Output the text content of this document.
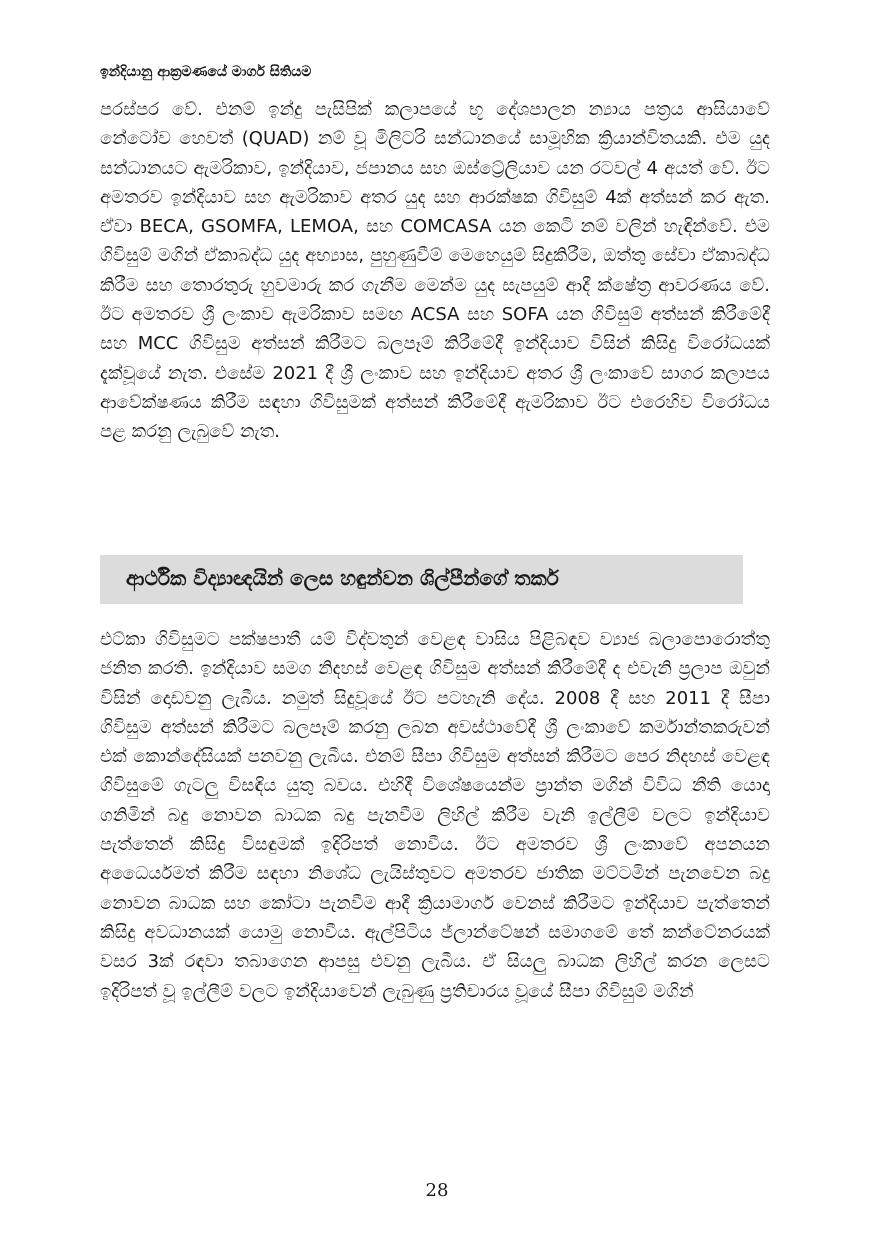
ඉන්දියානු ආක්‍රමණයේ මාර්ග සිතියම

පරස්පර වේ. එනම් ඉන්දු පැසිපික් කලාපයේ භූ දේශපාලන න්‍යාය පත්‍රය ආසියාවේ නේටෝව හෙවත් (QUAD) නම් වූ මිලිටරි සන්ධානයේ සාමූහික ක්‍රියාන්විතයකි. එම යුද සන්ධානයට ඇමරිකාව, ඉන්දියාව, ජපානය සහ ඔස්ට්‍රේලියාව යන රටවල් 4 අයත් වේ. ඊට අමතරව ඉන්දියාව සහ ඇමරිකාව අතර යුද සහ ආරක්ෂක ගිවිසුම් 4ක් අත්සන් කර ඇත. ඒවා BECA, GSOMFA, LEMOA, සහ COMCASA යන කෙටි නම් වලින් හැඳින්වේ. එම ගිවිසුම් මගින් ඒකාබද්ධ යුද අභ්‍යාස, පුහුණුවීම් මෙහෙයුම් සිදුකිරීම, ඔත්තු සේවා ඒකාබද්ධ කිරීම සහ තොරතුරු හුවමාරු කර ගැනීම මෙන්ම යුද සැපයුම් ආදී ක්ෂේත්‍ර ආවරණය වේ. ඊට අමතරව ශ්‍රී ලංකාව ඇමරිකාව සමඟ ACSA සහ SOFA යන ගිවිසුම් අත්සන් කිරීමේදී සහ MCC ගිවිසුම අත්සන් කිරීමට බලපෑම් කිරීමේදී ඉන්දියාව විසින් කිසිදු විරෝධයක් දැක්වූයේ නැත. එසේම 2021 දී ශ්‍රී ලංකාව සහ ඉන්දියාව අතර ශ්‍රී ලංකාවේ සාගර කලාපය ආවේක්ෂණය කිරීම සඳහා ගිවිසුමක් අත්සන් කිරීමේදී ඇමරිකාව ඊට එරෙහිව විරෝධය පළ කරනු ලැබුවේ නැත.

ආර්ථික විද්‍යාඥයින් ලෙස හඳුන්වන ශිල්පීන්ගේ තර්ක

එට්කා ගිවිසුමට පක්ෂපාතී යම් විද්වතුන් වෙළඳ වාසිය පිළිබඳව ව්‍යාජ බලාපොරොත්තු ජනිත කරති. ඉන්දියාව සමග නිදහස් වෙළඳ ගිවිසුම අත්සන් කිරීමේදී ද එවැනි ප්‍රලාප ඔවුන් විසින් දොඩවනු ලැබීය. නමුත් සිදුවූයේ ඊට පටහැනි දේය. 2008 දී සහ 2011 දී සීපා ගිවිසුම අත්සන් කිරීමට බලපෑම් කරනු ලබන අවස්ථාවේදී ශ්‍රී ලංකාවේ කර්මාන්තකරුවන් එක් කොන්දේසියක් පනවනු ලැබීය. එනම් සීපා ගිවිසුම අත්සන් කිරීමට පෙර නිදහස් වෙළඳ ගිවිසුමේ ගැටලු විසඳිය යුතු බවය. එහිදී විශේෂයෙන්ම ප්‍රාන්ත මගින් විවිධ නීති යොදා ගනිමින් බදු නොවන බාධක බදු පැනවීම ලිහිල් කිරීම වැනි ඉල්ලීම් වලට ඉන්දියාව පැත්තෙන් කිසිදු විසඳුමක් ඉදිරිපත් නොවීය. ඊට අමතරව ශ්‍රී ලංකාවේ අපනයන අධෛර්යමත් කිරීම සඳහා නිශේධ ලැයිස්තුවට අමතරව ජාතික මට්ටමින් පැනවෙන බදු නොවන බාධක සහ කෝටා පැනවීම ආදී ක්‍රියාමාර්ග වෙනස් කිරීමට ඉන්දියාව පැත්තෙන් කිසිදු අවධානයක් යොමු නොවීය. ඇල්පිටිය ජ්ලාන්ටේෂන් සමාගමේ තේ කන්ටේනරයක් වසර 3ක් රඳවා තබාගෙන ආපසු එවනු ලැබීය. ඒ සියලු බාධක ලිහිල් කරන ලෙසට ඉදිරිපත් වූ ඉල්ලීම් වලට ඉන්දියාවෙන් ලැබුණු ප්‍රතිචාරය වූයේ සීපා ගිවිසුම් මගින්

28
